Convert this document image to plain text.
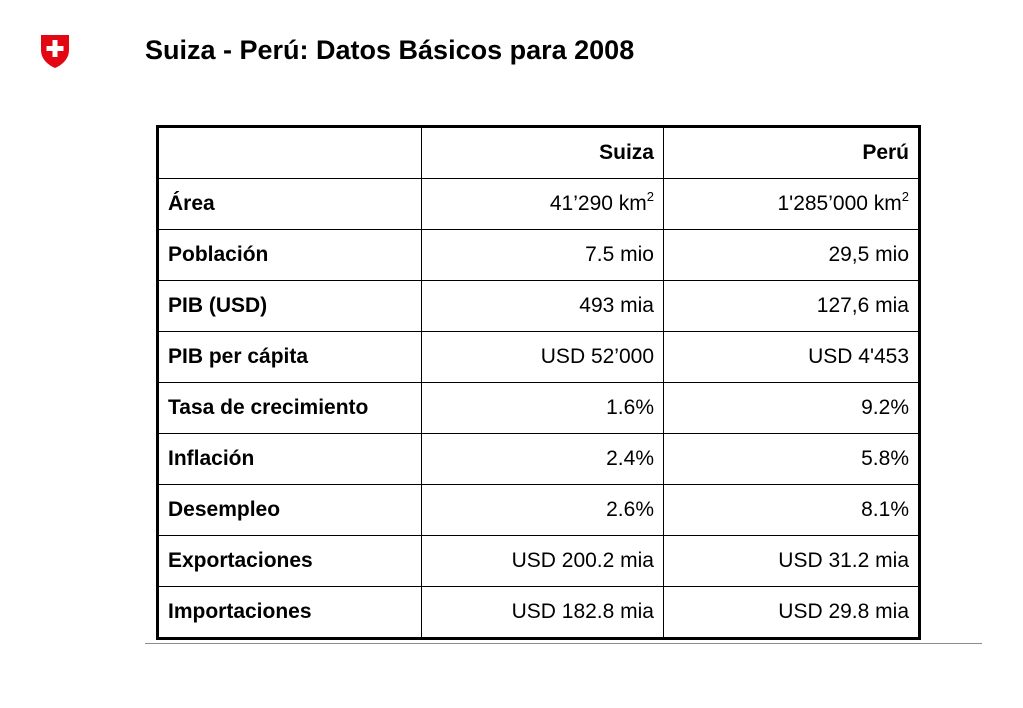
Suiza - Perú: Datos Básicos para 2008
	Suiza	Perú
Área	41’290 $km^2$	1'285’000 $km^2$
Población	7.5 mio	29,5 mio
PIB (USD)	493 mia	127,6 mia
PIB per cápita	USD 52’000	USD 4'453
Tasa de crecimiento	1.6%	9.2%
Inflación	2.4%	5.8%
Desempleo	2.6%	8.1%
Exportaciones	USD 200.2 mia	USD 31.2 mia
Importaciones	USD 182.8 mia	USD 29.8 mia
